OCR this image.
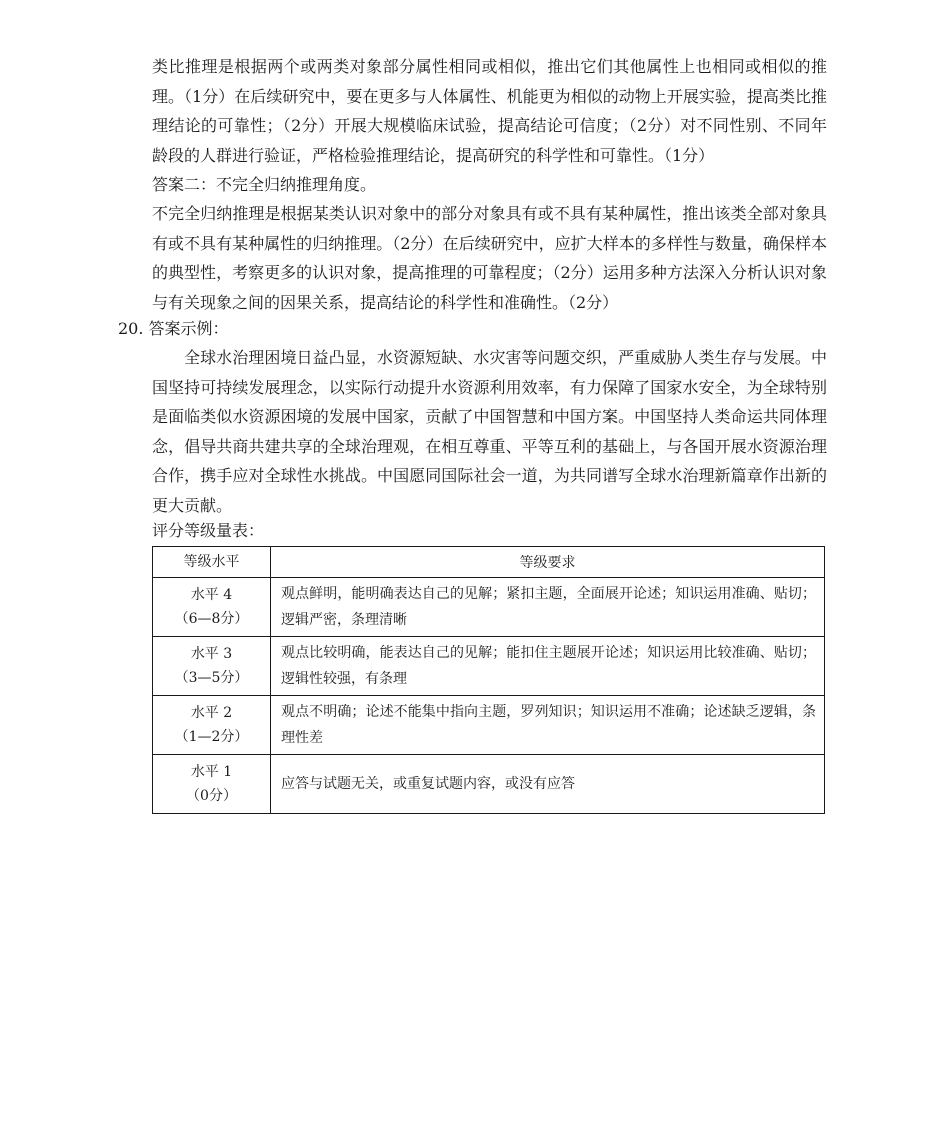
类比推理是根据两个或两类对象部分属性相同或相似，推出它们其他属性上也相同或相似的推理。（1分）在后续研究中，要在更多与人体属性、机能更为相似的动物上开展实验，提高类比推理结论的可靠性；（2分）开展大规模临床试验，提高结论可信度；（2分）对不同性别、不同年龄段的人群进行验证，严格检验推理结论，提高研究的科学性和可靠性。（1分）

答案二：不完全归纳推理角度。

不完全归纳推理是根据某类认识对象中的部分对象具有或不具有某种属性，推出该类全部对象具有或不具有某种属性的归纳推理。（2分）在后续研究中，应扩大样本的多样性与数量，确保样本的典型性，考察更多的认识对象，提高推理的可靠程度；（2分）运用多种方法深入分析认识对象与有关现象之间的因果关系，提高结论的科学性和准确性。（2分）

20. 答案示例：

全球水治理困境日益凸显，水资源短缺、水灾害等问题交织，严重威胁人类生存与发展。中国坚持可持续发展理念，以实际行动提升水资源利用效率，有力保障了国家水安全，为全球特别是面临类似水资源困境的发展中国家，贡献了中国智慧和中国方案。中国坚持人类命运共同体理念，倡导共商共建共享的全球治理观，在相互尊重、平等互利的基础上，与各国开展水资源治理合作，携手应对全球性水挑战。中国愿同国际社会一道，为共同谱写全球水治理新篇章作出新的更大贡献。

评分等级量表：

等级水平	等级要求

水平 4
（6—8分）	观点鲜明，能明确表达自己的见解；紧扣主题，全面展开论述；知识运用准确、贴切；逻辑严密，条理清晰

水平 3
（3—5分）	观点比较明确，能表达自己的见解；能扣住主题展开论述；知识运用比较准确、贴切；逻辑性较强，有条理

水平 2
（1—2分）	观点不明确；论述不能集中指向主题，罗列知识；知识运用不准确；论述缺乏逻辑，条理性差

水平 1
（0分）	应答与试题无关，或重复试题内容，或没有应答
